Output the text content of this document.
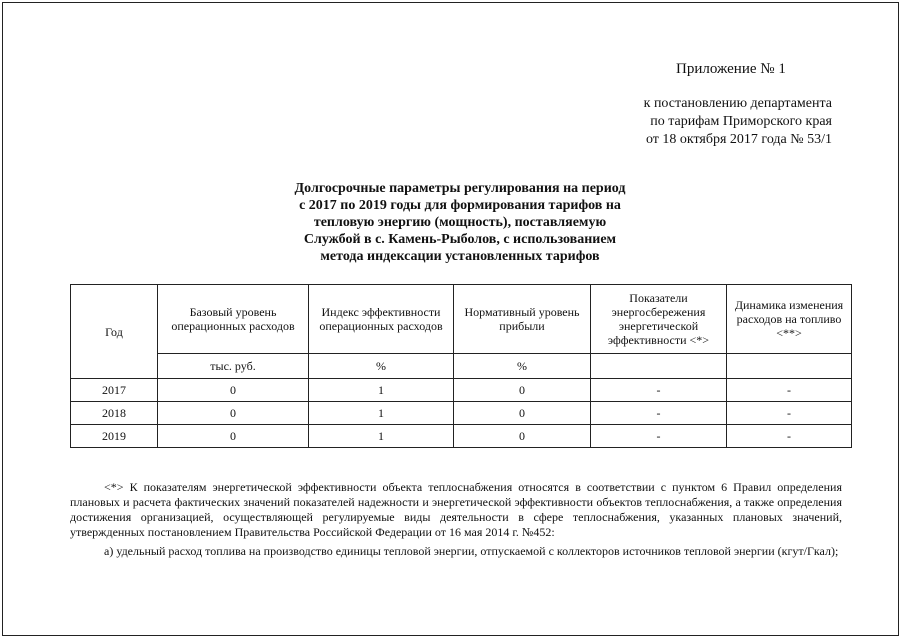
Приложение № 1
к постановлению департамента
по тарифам Приморского края
от 18 октября 2017 года № 53/1
Долгосрочные параметры регулирования на период
с 2017 по 2019 годы для формирования тарифов на
тепловую энергию (мощность), поставляемую
Службой в с. Камень-Рыболов, с использованием
метода индексации установленных тарифов
Год	Базовый уровень операционных расходов	Индекс эффективности операционных расходов	Нормативный уровень прибыли	Показатели энергосбережения энергетической эффективности <*>	Динамика изменения расходов на топливо <**>
	тыс. руб.	%	%		
2017	0	1	0	-	-
2018	0	1	0	-	-
2019	0	1	0	-	-

<*> К показателям энергетической эффективности объекта теплоснабжения относятся в соответствии с пунктом 6 Правил определения плановых и расчета фактических значений показателей надежности и энергетической эффективности объектов теплоснабжения, а также определения достижения организацией, осуществляющей регулируемые виды деятельности в сфере теплоснабжения, указанных плановых значений, утвержденных постановлением Правительства Российской Федерации от 16 мая 2014 г. №452:

а) удельный расход топлива на производство единицы тепловой энергии, отпускаемой с коллекторов источников тепловой энергии (кгут/Гкал);
